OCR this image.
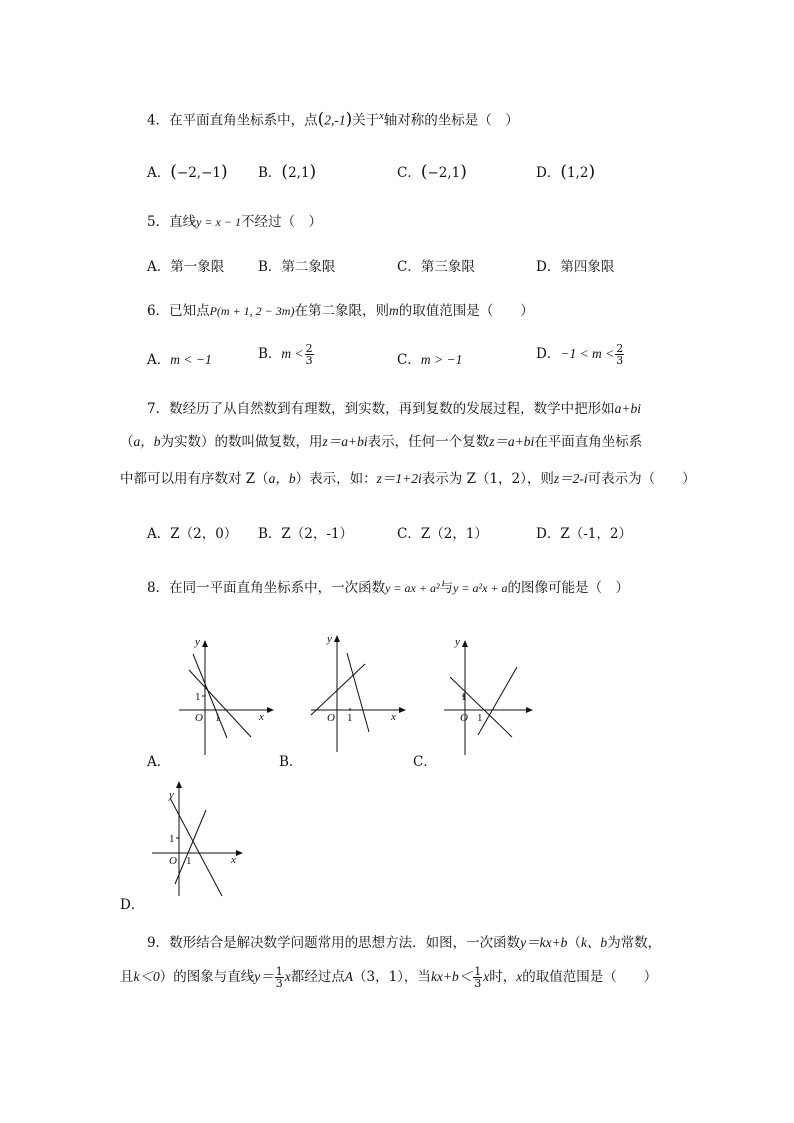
4．在平面直角坐标系中，点(2,-1)关于$^x$轴对称的坐标是（　）
A．(−2,−1) B．(2,1)	C．(−2,1)	D．(1,2)
5．直线y = x − 1不经过（　）
A．第一象限	B．第二象限	C．第三象限	D．第四象限
6．已知点P(m + 1, 2 − 3m)在第二象限，则m的取值范围是（　　）
A．m < −1	B．$m < \frac{2}{3}$	C．m > −1	D．$-1 < m < \frac{2}{3}$
7．数经历了从自然数到有理数，到实数，再到复数的发展过程，数学中把形如a+bi
（a，b为实数）的数叫做复数，用z＝a+bi表示，任何一个复数z＝a+bi在平面直角坐标系
中都可以用有序数对 Z（a，b）表示，如：z＝1+2i表示为 Z（1，2），则z＝2-i可表示为（　　）
A．Z（2，0） B．Z（2，-1）	C．Z（2，1）	D．Z（-1，2）
8．在同一平面直角坐标系中，一次函数y = ax + a²与y = a²x + a的图像可能是（　）
y
x
O
1
1
A．
y
x
O 1
B．
y
1
O 1
C．
y
x
1
O 1
D．
9．数形结合是解决数学问题常用的思想方法．如图，一次函数y＝kx+b（k、b为常数，
且k＜0）的图象与直线$y= \frac{1}{3}$ x都经过点A（3，1），当$kx+b< \frac{1}{3}$ x时，x的取值范围是（　　）
